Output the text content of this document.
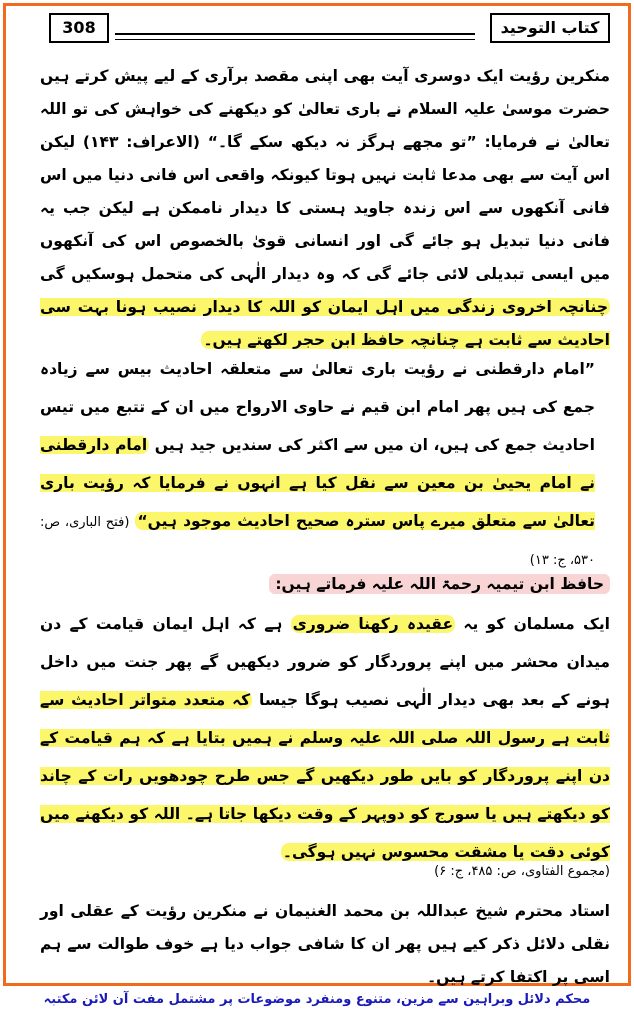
308	کتاب التوحید

منکرین رؤیت ایک دوسری آیت بھی اپنی مقصد برآری کے لیے پیش کرتے ہیں حضرت موسیٰ علیہ السلام نے باری تعالیٰ کو دیکھنے کی خواہش کی تو اللہ تعالیٰ نے فرمایا: ”تو مجھے ہرگز نہ دیکھ سکے گا۔“ (الاعراف: ۱۴۳) لیکن اس آیت سے بھی مدعا ثابت نہیں ہوتا کیونکہ واقعی اس فانی دنیا میں اس فانی آنکھوں سے اس زندہ جاوید ہستی کا دیدار ناممکن ہے لیکن جب یہ فانی دنیا تبدیل ہو جائے گی اور انسانی قویٰ بالخصوص اس کی آنکھوں میں ایسی تبدیلی لائی جائے گی کہ وہ دیدار الٰہی کی متحمل ہوسکیں گی چنانچہ اخروی زندگی میں اہل ایمان کو اللہ کا دیدار نصیب ہونا بہت سی احادیث سے ثابت ہے چنانچہ حافظ ابن حجر لکھتے ہیں۔

”امام دارقطنی نے رؤیت باری تعالیٰ سے متعلقہ احادیث بیس سے زیادہ جمع کی ہیں پھر امام ابن قیم نے حاوی الارواح میں ان کے تتبع میں تیس احادیث جمع کی ہیں، ان میں سے اکثر کی سندیں جید ہیں امام دارقطنی نے امام یحییٰ بن معین سے نقل کیا ہے انہوں نے فرمایا کہ رؤیت باری تعالیٰ سے متعلق میرے پاس سترہ صحیح احادیث موجود ہیں“ (فتح الباری، ص: ۵۳۰، ج: ۱۳)

حافظ ابن تیمیہ رحمۃ اللہ علیہ فرماتے ہیں:

ایک مسلمان کو یہ عقیدہ رکھنا ضروری ہے کہ اہل ایمان قیامت کے دن میدان محشر میں اپنے پروردگار کو ضرور دیکھیں گے پھر جنت میں داخل ہونے کے بعد بھی دیدار الٰہی نصیب ہوگا جیسا کہ متعدد متواتر احادیث سے ثابت ہے رسول اللہ صلی اللہ علیہ وسلم نے ہمیں بتایا ہے کہ ہم قیامت کے دن اپنے پروردگار کو بایں طور دیکھیں گے جس طرح چودھویں رات کے چاند کو دیکھتے ہیں یا سورج کو دوپہر کے وقت دیکھا جاتا ہے۔ اللہ کو دیکھنے میں کوئی دقت یا مشقت محسوس نہیں ہوگی۔

(مجموع الفتاوی، ص: ۴۸۵، ج: ۶)

استاد محترم شیخ عبداللہ بن محمد الغنیمان نے منکرین رؤیت کے عقلی اور نقلی دلائل ذکر کیے ہیں پھر ان کا شافی جواب دیا ہے خوف طوالت سے ہم اسی پر اکتفا کرتے ہیں۔

محکم دلائل وبراہین سے مزین، متنوع ومنفرد موضوعات پر مشتمل مفت آن لائن مکتبہ
